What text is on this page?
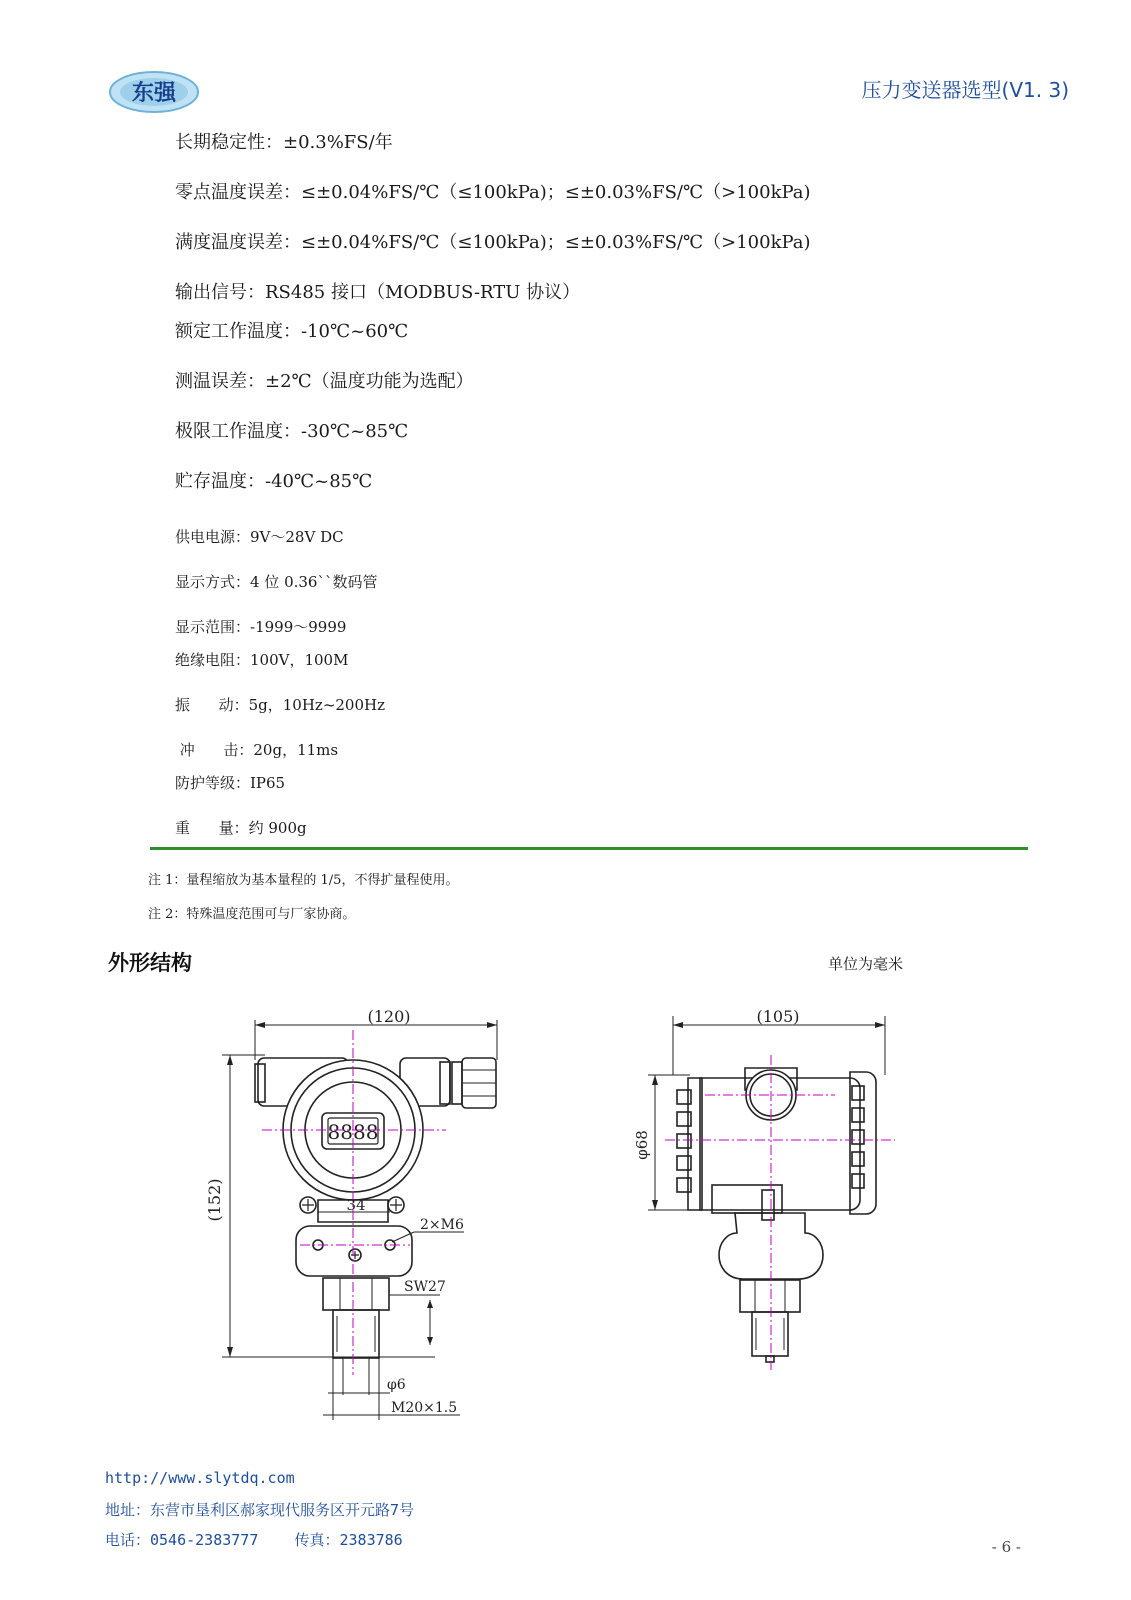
东强	压力变送器选型(V1. 3)
长期稳定性：±0.3%FS/年
零点温度误差：≤±0.04%FS/℃（≤100kPa)；≤±0.03%FS/℃（>100kPa)
满度温度误差：≤±0.04%FS/℃（≤100kPa)；≤±0.03%FS/℃（>100kPa)
输出信号：RS485 接口（MODBUS-RTU 协议）
额定工作温度：-10℃~60℃
测温误差：±2℃（温度功能为选配）
极限工作温度：-30℃~85℃
贮存温度：-40℃~85℃
供电电源：9V～28V DC
显示方式：4 位 0.36``数码管
显示范围：-1999～9999
绝缘电阻：100V，100M
振      动：5g，10Hz~200Hz
冲      击：20g，11ms
防护等级：IP65
重      量：约 900g
注 1：量程缩放为基本量程的 1/5，不得扩量程使用。
注 2：特殊温度范围可与厂家协商。
外形结构	单位为毫米
8888
(120)
(152)	34
2×M6
SW27
φ6
M20×1.5
(105)
φ68
http://www.slytdq.com
地址：东营市垦利区郝家现代服务区开元路7号
电话：0546-2383777    传真：2383786	- 6 -
